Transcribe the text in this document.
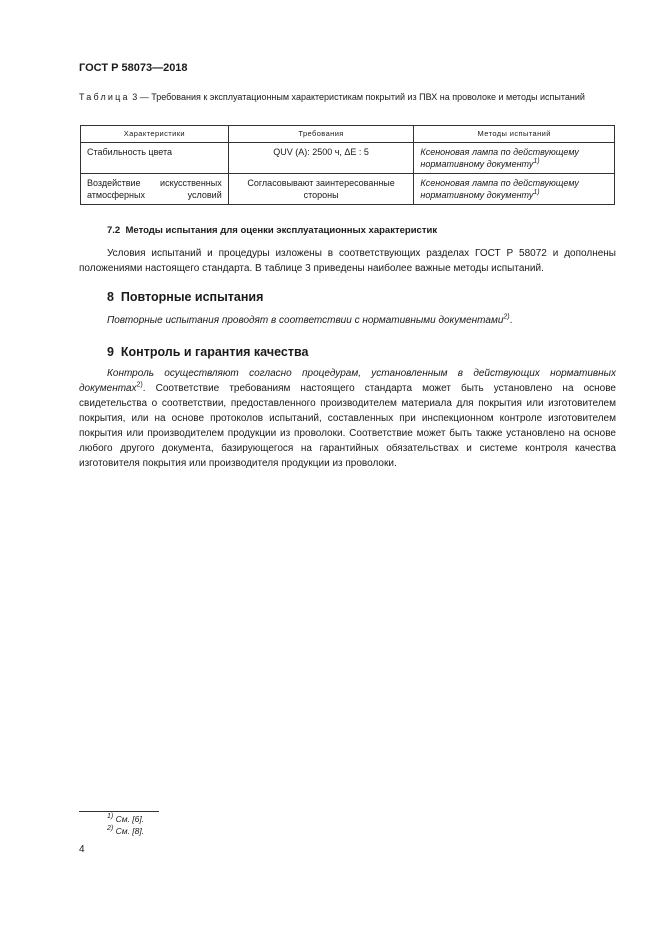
ГОСТ Р 58073—2018
Таблица 3 — Требования к эксплуатационным характеристикам покрытий из ПВХ на проволоке и методы испытаний
Характеристики	Требования	Методы испытаний
Стабильность цвета	QUV (А): 2500 ч, ΔE : 5	Ксеноновая лампа по действующему нормативному документу$^{1)}$
Воздействие искусственных атмосферных условий	Согласовывают заинтересованные стороны	Ксеноновая лампа по действующему нормативному документу$^{1)}$
7.2 Методы испытания для оценки эксплуатационных характеристик
Условия испытаний и процедуры изложены в соответствующих разделах ГОСТ Р 58072 и дополнены положениями настоящего стандарта. В таблице 3 приведены наиболее важные методы испытаний.
8 Повторные испытания
Повторные испытания проводят в соответствии с нормативными документами$^{2)}$.
9 Контроль и гарантия качества
Контроль осуществляют согласно процедурам, установленным в действующих нормативных документах$^{2)}$. Соответствие требованиям настоящего стандарта может быть установлено на основе свидетельства о соответствии, предоставленного производителем материала для покрытия или изготовителем покрытия, или на основе протоколов испытаний, составленных при инспекционном контроле изготовителем покрытия или производителем продукции из проволоки. Соответствие может быть также установлено на основе любого другого документа, базирующегося на гарантийных обязательствах и системе контроля качества изготовителя покрытия или производителя продукции из проволоки.
$^{1)}$ См. [6].
$^{2)}$ См. [8].
4
